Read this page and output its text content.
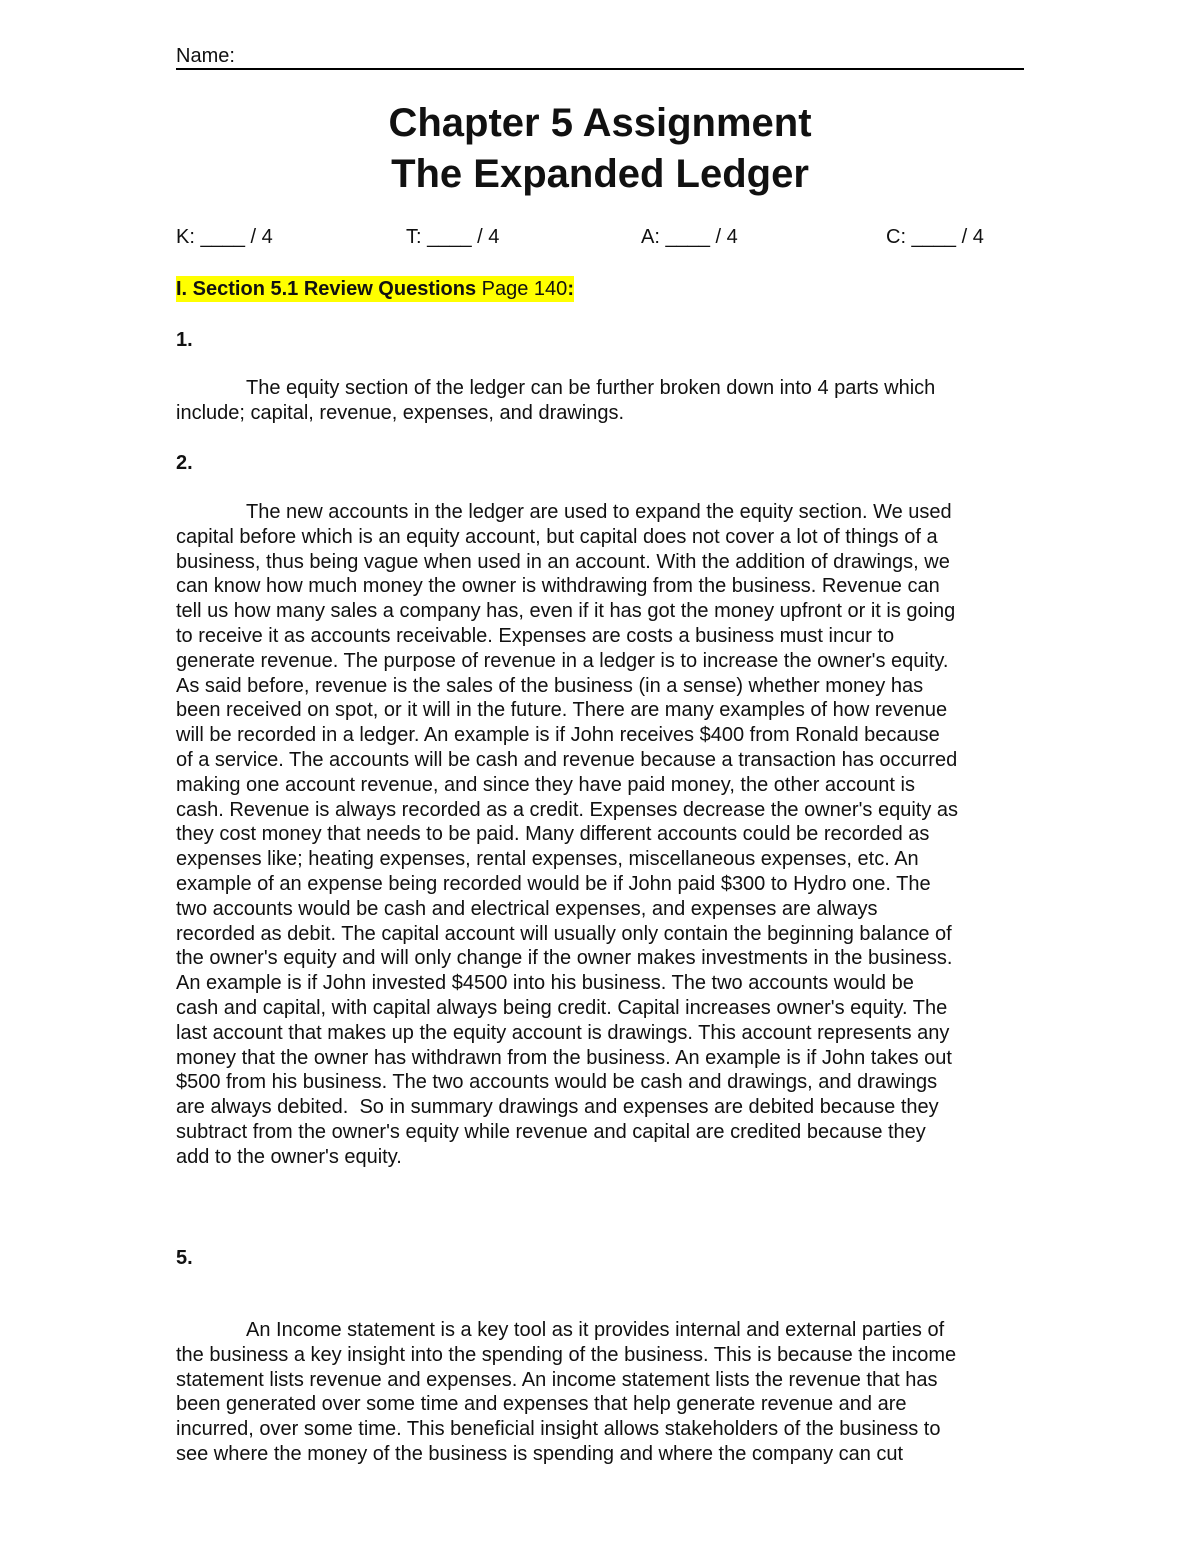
Name:
Chapter 5 Assignment
The Expanded Ledger
K: ____ / 4	T: ____ / 4	A: ____ / 4	C: ____ / 4
I. Section 5.1 Review Questions Page 140:
1.
The equity section of the ledger can be further broken down into 4 parts which
include; capital, revenue, expenses, and drawings.
2.
The new accounts in the ledger are used to expand the equity section. We used
capital before which is an equity account, but capital does not cover a lot of things of a
business, thus being vague when used in an account. With the addition of drawings, we
can know how much money the owner is withdrawing from the business. Revenue can
tell us how many sales a company has, even if it has got the money upfront or it is going
to receive it as accounts receivable. Expenses are costs a business must incur to
generate revenue. The purpose of revenue in a ledger is to increase the owner's equity.
As said before, revenue is the sales of the business (in a sense) whether money has
been received on spot, or it will in the future. There are many examples of how revenue
will be recorded in a ledger. An example is if John receives $400 from Ronald because
of a service. The accounts will be cash and revenue because a transaction has occurred
making one account revenue, and since they have paid money, the other account is
cash. Revenue is always recorded as a credit. Expenses decrease the owner's equity as
they cost money that needs to be paid. Many different accounts could be recorded as
expenses like; heating expenses, rental expenses, miscellaneous expenses, etc. An
example of an expense being recorded would be if John paid $300 to Hydro one. The
two accounts would be cash and electrical expenses, and expenses are always
recorded as debit. The capital account will usually only contain the beginning balance of
the owner's equity and will only change if the owner makes investments in the business.
An example is if John invested $4500 into his business. The two accounts would be
cash and capital, with capital always being credit. Capital increases owner's equity. The
last account that makes up the equity account is drawings. This account represents any
money that the owner has withdrawn from the business. An example is if John takes out
$500 from his business. The two accounts would be cash and drawings, and drawings
are always debited.  So in summary drawings and expenses are debited because they
subtract from the owner's equity while revenue and capital are credited because they
add to the owner's equity.
5.
An Income statement is a key tool as it provides internal and external parties of
the business a key insight into the spending of the business. This is because the income
statement lists revenue and expenses. An income statement lists the revenue that has
been generated over some time and expenses that help generate revenue and are
incurred, over some time. This beneficial insight allows stakeholders of the business to
see where the money of the business is spending and where the company can cut
